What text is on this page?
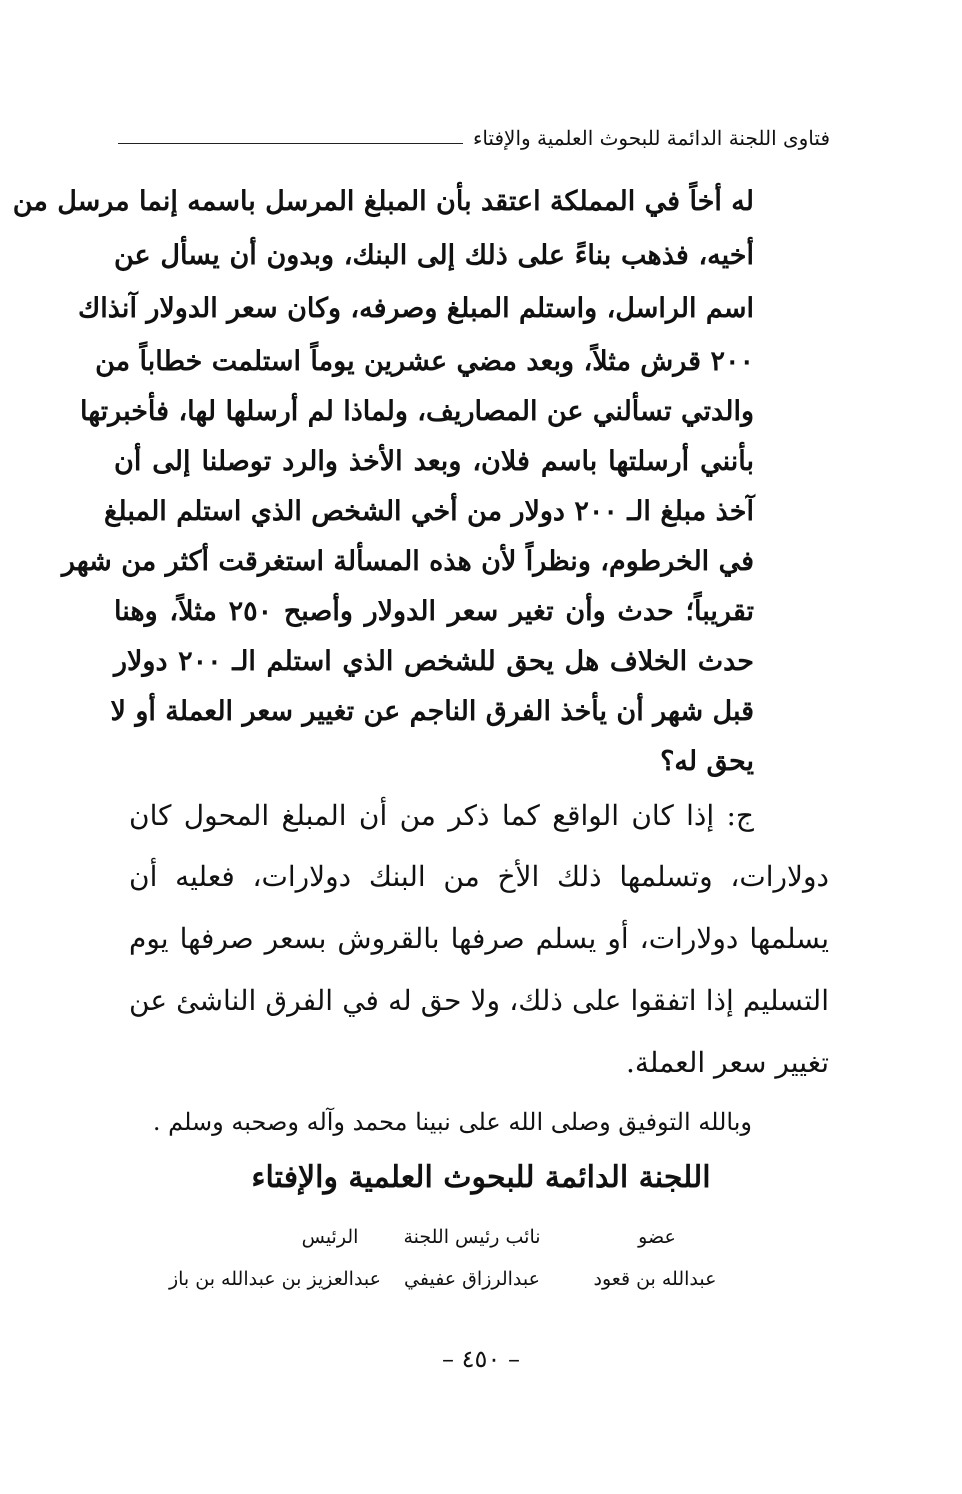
فتاوى اللجنة الدائمة للبحوث العلمية والإفتاء
له أخاً في المملكة اعتقد بأن المبلغ المرسل باسمه إنما مرسل من
أخيه، فذهب بناءً على ذلك إلى البنك، وبدون أن يسأل عن
اسم الراسل، واستلم المبلغ وصرفه، وكان سعر الدولار آنذاك
٢٠٠ قرش مثلاً، وبعد مضي عشرين يوماً استلمت خطاباً من
والدتي تسألني عن المصاريف، ولماذا لم أرسلها لها، فأخبرتها
بأنني أرسلتها باسم فلان، وبعد الأخذ والرد توصلنا إلى أن
آخذ مبلغ الـ ٢٠٠ دولار من أخي الشخص الذي استلم المبلغ
في الخرطوم، ونظراً لأن هذه المسألة استغرقت أكثر من شهر
تقريباً؛ حدث وأن تغير سعر الدولار وأصبح ٢٥٠ مثلاً، وهنا
حدث الخلاف هل يحق للشخص الذي استلم الـ ٢٠٠ دولار
قبل شهر أن يأخذ الفرق الناجم عن تغيير سعر العملة أو لا
يحق له؟
ج: إذا كان الواقع كما ذكر من أن المبلغ المحول كان
دولارات، وتسلمها ذلك الأخ من البنك دولارات، فعليه أن
يسلمها دولارات، أو يسلم صرفها بالقروش بسعر صرفها يوم
التسليم إذا اتفقوا على ذلك، ولا حق له في الفرق الناشئ عن
تغيير سعر العملة.
وبالله التوفيق وصلى الله على نبينا محمد وآله وصحبه وسلم .
اللجنة الدائمة للبحوث العلمية والإفتاء
عضو
عبدالله بن قعود
نائب رئيس اللجنة
عبدالرزاق عفيفي
الرئيس
عبدالعزيز بن عبدالله بن باز
– ٤٥٠ –
